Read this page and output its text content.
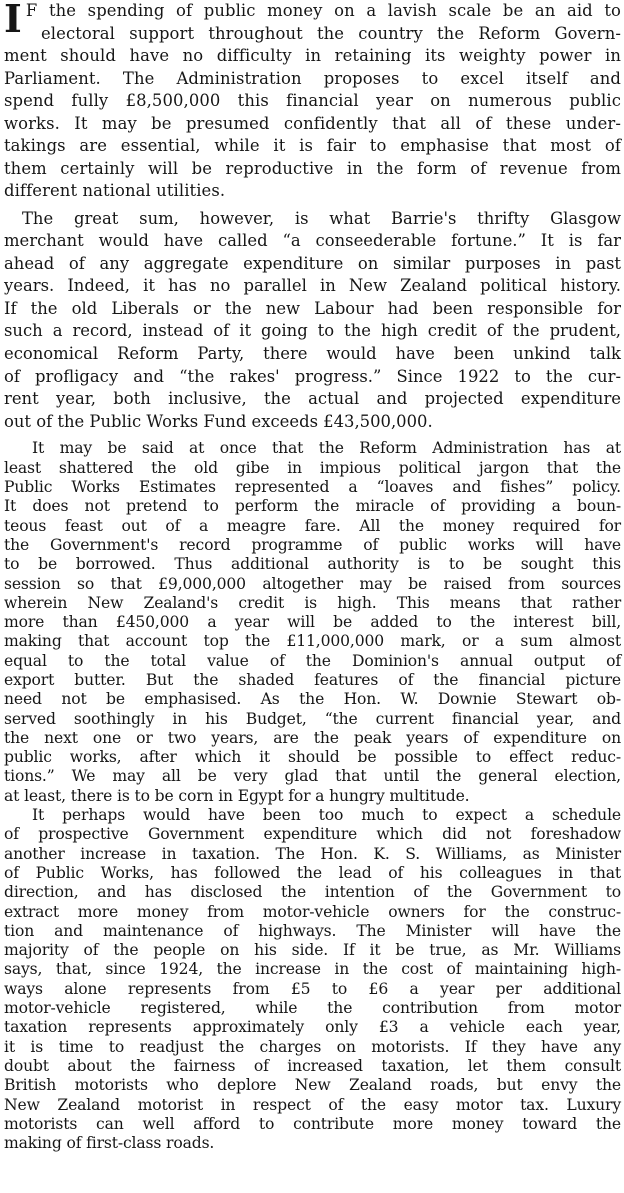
I F the spending of public money on a lavish scale be an aid to
electoral support throughout the country the Reform Govern-
ment should have no difficulty in retaining its weighty power in
Parliament. The Administration proposes to excel itself and
spend fully £8,500,000 this financial year on numerous public
works. It may be presumed confidently that all of these under-
takings are essential, while it is fair to emphasise that most of
them certainly will be reproductive in the form of revenue from
different national utilities.

The great sum, however, is what Barrie's thrifty Glasgow
merchant would have called “a conseederable fortune.” It is far
ahead of any aggregate expenditure on similar purposes in past
years. Indeed, it has no parallel in New Zealand political history.
If the old Liberals or the new Labour had been responsible for
such a record, instead of it going to the high credit of the prudent,
economical Reform Party, there would have been unkind talk
of profligacy and “the rakes' progress.” Since 1922 to the cur-
rent year, both inclusive, the actual and projected expenditure
out of the Public Works Fund exceeds £43,500,000.

It may be said at once that the Reform Administration has at
least shattered the old gibe in impious political jargon that the
Public Works Estimates represented a “loaves and fishes” policy.
It does not pretend to perform the miracle of providing a boun-
teous feast out of a meagre fare. All the money required for
the Government's record programme of public works will have
to be borrowed. Thus additional authority is to be sought this
session so that £9,000,000 altogether may be raised from sources
wherein New Zealand's credit is high. This means that rather
more than £450,000 a year will be added to the interest bill,
making that account top the £11,000,000 mark, or a sum almost
equal to the total value of the Dominion's annual output of
export butter. But the shaded features of the financial picture
need not be emphasised. As the Hon. W. Downie Stewart ob-
served soothingly in his Budget, “the current financial year, and
the next one or two years, are the peak years of expenditure on
public works, after which it should be possible to effect reduc-
tions.” We may all be very glad that until the general election,
at least, there is to be corn in Egypt for a hungry multitude.

It perhaps would have been too much to expect a schedule
of prospective Government expenditure which did not foreshadow
another increase in taxation. The Hon. K. S. Williams, as Minister
of Public Works, has followed the lead of his colleagues in that
direction, and has disclosed the intention of the Government to
extract more money from motor-vehicle owners for the construc-
tion and maintenance of highways. The Minister will have the
majority of the people on his side. If it be true, as Mr. Williams
says, that, since 1924, the increase in the cost of maintaining high-
ways alone represents from £5 to £6 a year per additional
motor-vehicle registered, while the contribution from motor
taxation represents approximately only £3 a vehicle each year,
it is time to readjust the charges on motorists. If they have any
doubt about the fairness of increased taxation, let them consult
British motorists who deplore New Zealand roads, but envy the
New Zealand motorist in respect of the easy motor tax. Luxury
motorists can well afford to contribute more money toward the
making of first-class roads.
